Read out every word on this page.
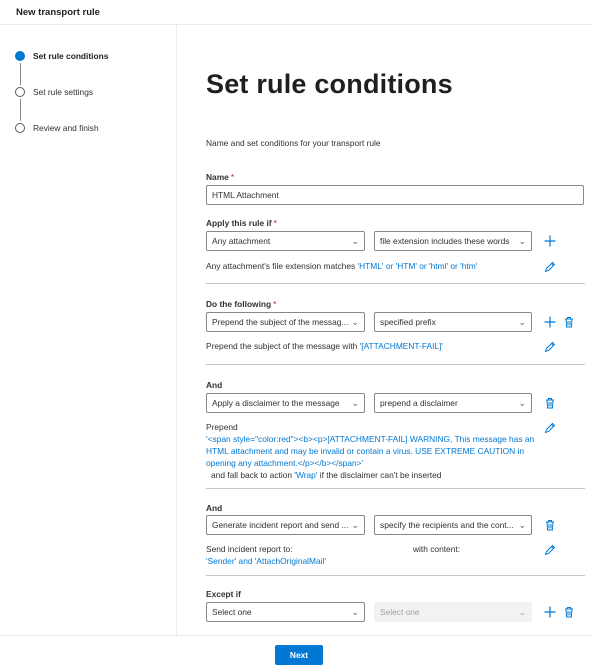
New transport rule
Set rule conditions
Set rule settings
Review and finish
Set rule conditions
Name and set conditions for your transport rule
Name *
HTML Attachment
Apply this rule if *
Any attachment	⌄	file extension includes these words ⌄
Any attachment's file extension matches 'HTML' or 'HTM' or 'html' or 'htm'
Do the following *
Prepend the subject of the messag... ⌄	specified prefix	⌄
Prepend the subject of the message with '[ATTACHMENT-FAIL]'
And
Apply a disclaimer to the message ⌄	prepend a disclaimer	⌄
Prepend
'<span style="color:red"><b><p>[ATTACHMENT-FAIL] WARNING, This message has an
HTML attachment and may be invalid or contain a virus. USE EXTREME CAUTION in
opening any attachment.</p></b></span>'
and fall back to action 'Wrap' if the disclaimer can't be inserted
And
Generate incident report and send ... ⌄	specify the recipients and the cont... ⌄
Send incident report to:	with content:
'Sender' and 'AttachOriginalMail'
Except if
Select one	⌄	Select one	⌄
Next
